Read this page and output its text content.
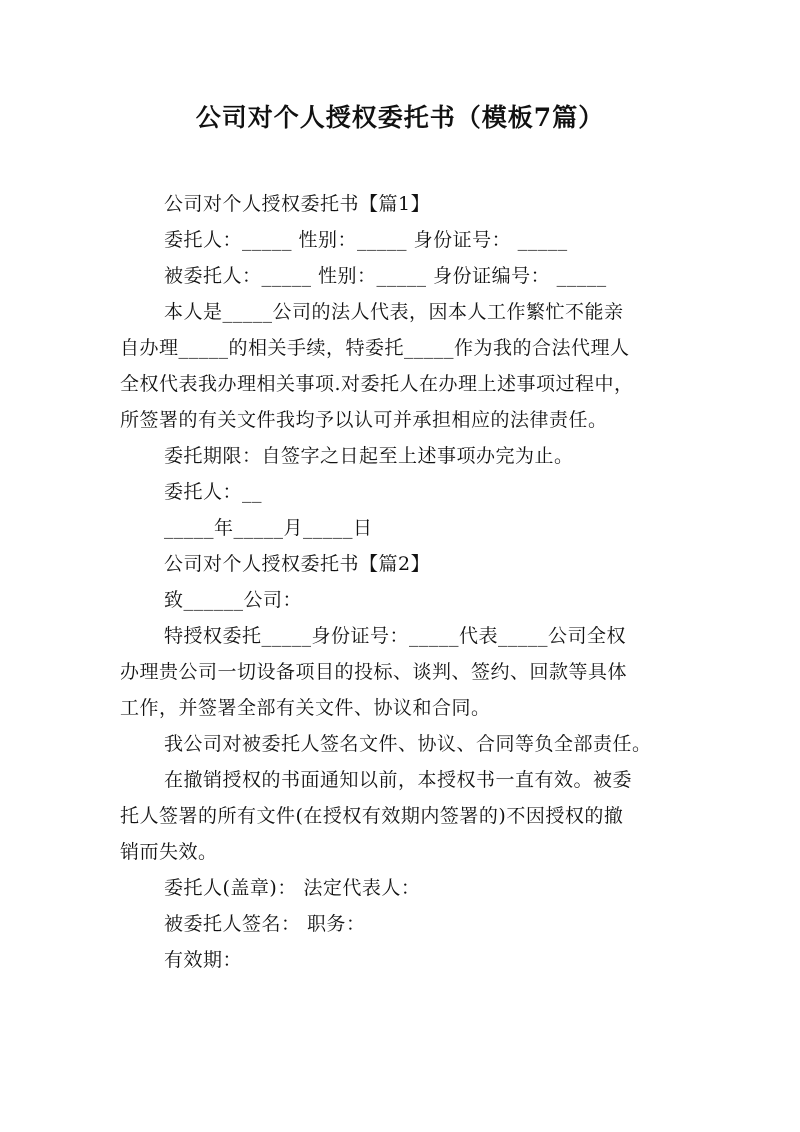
公司对个人授权委托书（模板7篇）
公司对个人授权委托书【篇1】
委托人：_____ 性别：_____ 身份证号： _____
被委托人：_____ 性别：_____ 身份证编号： _____
本人是_____公司的法人代表，因本人工作繁忙不能亲
自办理_____的相关手续，特委托_____作为我的合法代理人
全权代表我办理相关事项.对委托人在办理上述事项过程中，
所签署的有关文件我均予以认可并承担相应的法律责任。
委托期限：自签字之日起至上述事项办完为止。
委托人：__
_____年_____月_____日
公司对个人授权委托书【篇2】
致______公司：
特授权委托_____身份证号：_____代表_____公司全权
办理贵公司一切设备项目的投标、谈判、签约、回款等具体
工作，并签署全部有关文件、协议和合同。
我公司对被委托人签名文件、协议、合同等负全部责任。
在撤销授权的书面通知以前，本授权书一直有效。被委
托人签署的所有文件(在授权有效期内签署的)不因授权的撤
销而失效。
委托人(盖章)： 法定代表人：
被委托人签名： 职务：
有效期：
